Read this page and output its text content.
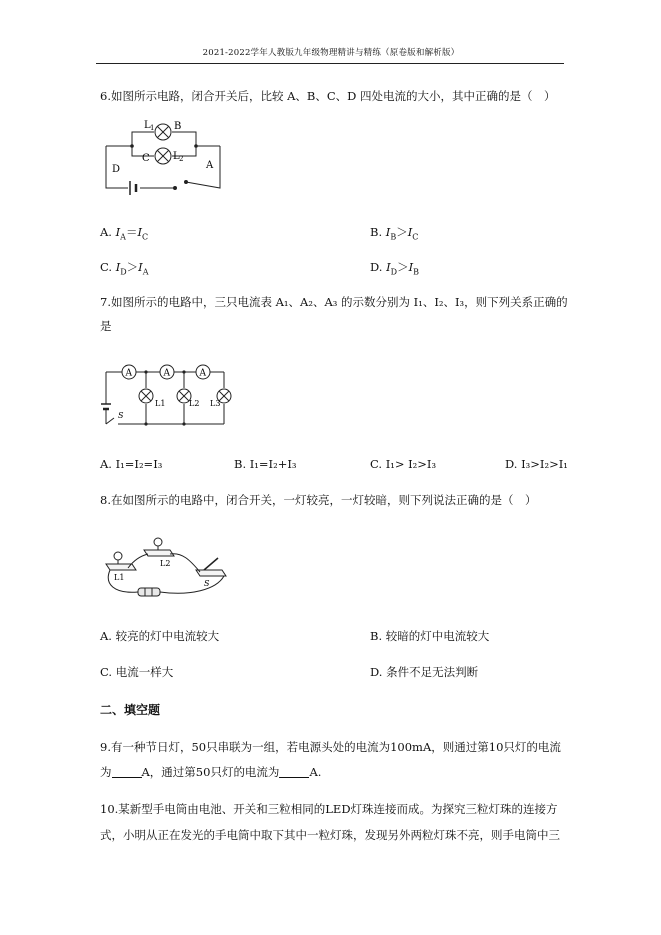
2021-2022学年人教版九年级物理精讲与精练（原卷版和解析版）
6.如图所示电路，闭合开关后，比较 A、B、C、D 四处电流的大小，其中正确的是（　）
L 1 B
C L 2
D	A
A. $I_A=I_C$	B. $I_B>I_C$
C. $I_D>I_A$	D. $I_D>I_B$
7.如图所示的电路中，三只电流表 A₁、A₂、A₃ 的示数分别为 I₁、I₂、I₃，则下列关系正确的
是
A	A	A
L1	L2 L3
S
A. I₁=I₂=I₃	B. I₁=I₂+I₃	C. I₁> I₂>I₃	D. I₃>I₂>I₁
8.在如图所示的电路中，闭合开关，一灯较亮，一灯较暗，则下列说法正确的是（　）
L1
L2
S
A. 较亮的灯中电流较大	B. 较暗的灯中电流较大
C. 电流一样大	D. 条件不足无法判断
二、填空题
9.有一种节日灯，50只串联为一组，若电源头处的电流为100mA，则通过第10只灯的电流
为	A，通过第50只灯的电流为	A.
10.某新型手电筒由电池、开关和三粒相同的LED灯珠连接而成。为探究三粒灯珠的连接方
式，小明从正在发光的手电筒中取下其中一粒灯珠，发现另外两粒灯珠不亮，则手电筒中三
